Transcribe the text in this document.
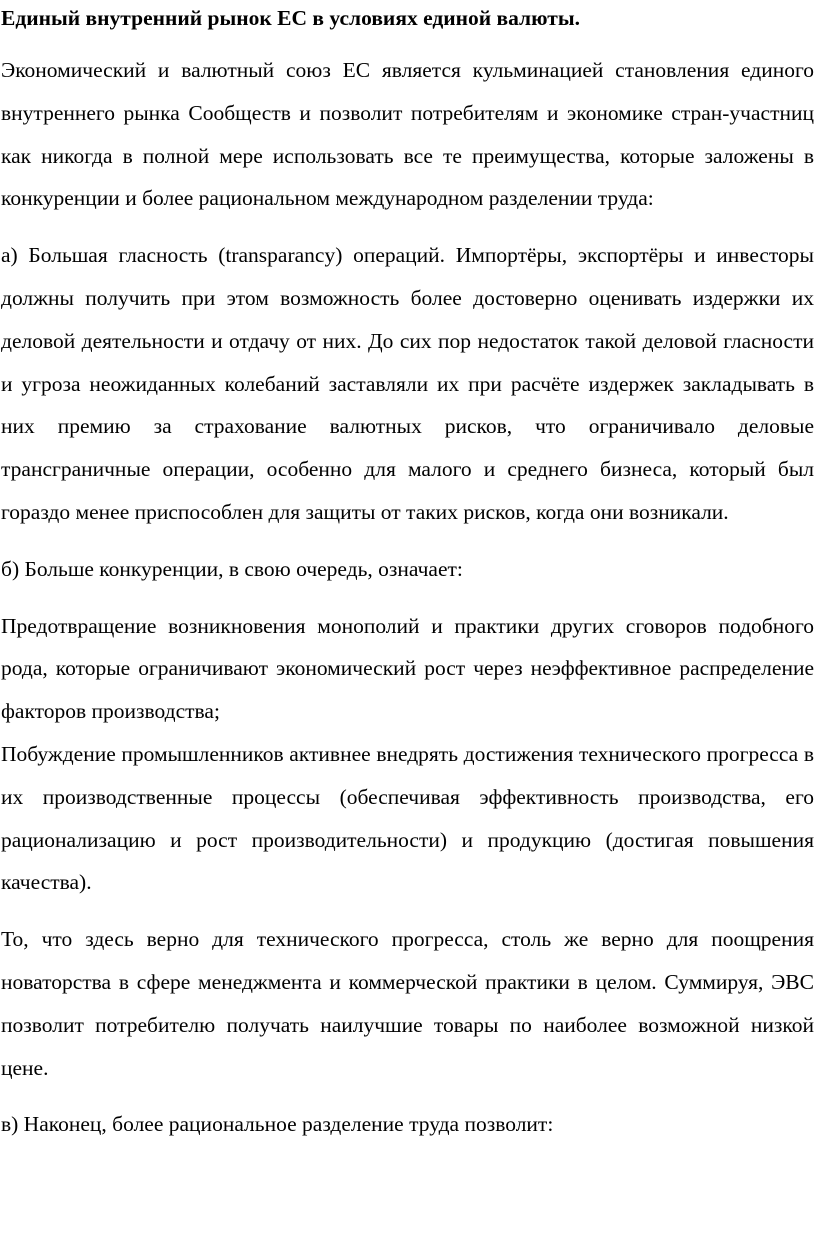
Единый внутренний рынок ЕС в условиях единой валюты.

Экономический и валютный союз ЕС является кульминацией становления единого внутреннего рынка Сообществ и позволит потребителям и экономике стран-участниц как никогда в полной мере использовать все те преимущества, которые заложены в конкуренции и более рациональном международном разделении труда:

а) Большая гласность (transparancy) операций. Импортёры, экспортёры и инвесторы должны получить при этом возможность более достоверно оценивать издержки их деловой деятельности и отдачу от них. До сих пор недостаток такой деловой гласности и угроза неожиданных колебаний заставляли их при расчёте издержек закладывать в них премию за страхование валютных рисков, что ограничивало деловые трансграничные операции, особенно для малого и среднего бизнеса, который был гораздо менее приспособлен для защиты от таких рисков, когда они возникали.

б) Больше конкуренции, в свою очередь, означает:

Предотвращение возникновения монополий и практики других сговоров подобного рода, которые ограничивают экономический рост через неэффективное распределение факторов производства;

Побуждение промышленников активнее внедрять достижения технического прогресса в их производственные процессы (обеспечивая эффективность производства, его рационализацию и рост производительности) и продукцию (достигая повышения качества).

То, что здесь верно для технического прогресса, столь же верно для поощрения новаторства в сфере менеджмента и коммерческой практики в целом. Суммируя, ЭВС позволит потребителю получать наилучшие товары по наиболее возможной низкой цене.

в) Наконец, более рациональное разделение труда позволит:
